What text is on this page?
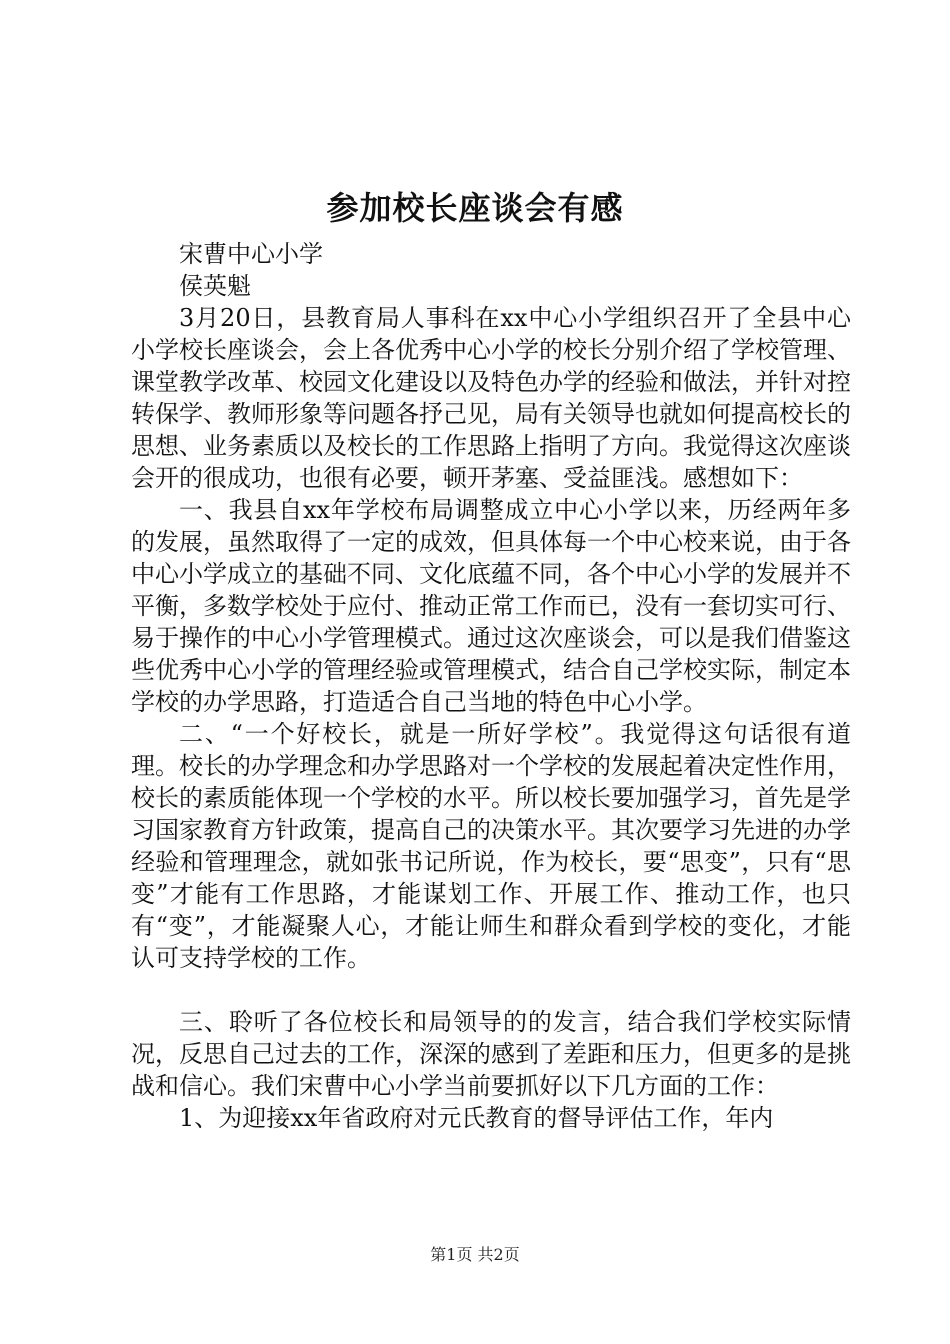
参加校长座谈会有感

宋曹中心小学

侯英魁

3月20日，县教育局人事科在xx中心小学组织召开了全县中心小学校长座谈会，会上各优秀中心小学的校长分别介绍了学校管理、课堂教学改革、校园文化建设以及特色办学的经验和做法，并针对控转保学、教师形象等问题各抒己见，局有关领导也就如何提高校长的思想、业务素质以及校长的工作思路上指明了方向。我觉得这次座谈会开的很成功，也很有必要，顿开茅塞、受益匪浅。感想如下：

一、我县自xx年学校布局调整成立中心小学以来，历经两年多的发展，虽然取得了一定的成效，但具体每一个中心校来说，由于各中心小学成立的基础不同、文化底蕴不同，各个中心小学的发展并不平衡，多数学校处于应付、推动正常工作而已，没有一套切实可行、易于操作的中心小学管理模式。通过这次座谈会，可以是我们借鉴这些优秀中心小学的管理经验或管理模式，结合自己学校实际，制定本学校的办学思路，打造适合自己当地的特色中心小学。

二、“一个好校长，就是一所好学校”。我觉得这句话很有道理。校长的办学理念和办学思路对一个学校的发展起着决定性作用，校长的素质能体现一个学校的水平。所以校长要加强学习，首先是学习国家教育方针政策，提高自己的决策水平。其次要学习先进的办学经验和管理理念，就如张书记所说，作为校长，要“思变”，只有“思变”才能有工作思路，才能谋划工作、开展工作、推动工作，也只有“变”，才能凝聚人心，才能让师生和群众看到学校的变化，才能认可支持学校的工作。

三、聆听了各位校长和局领导的的发言，结合我们学校实际情况，反思自己过去的工作，深深的感到了差距和压力，但更多的是挑战和信心。我们宋曹中心小学当前要抓好以下几方面的工作：

1、为迎接xx年省政府对元氏教育的督导评估工作，年内

第1页 共2页
